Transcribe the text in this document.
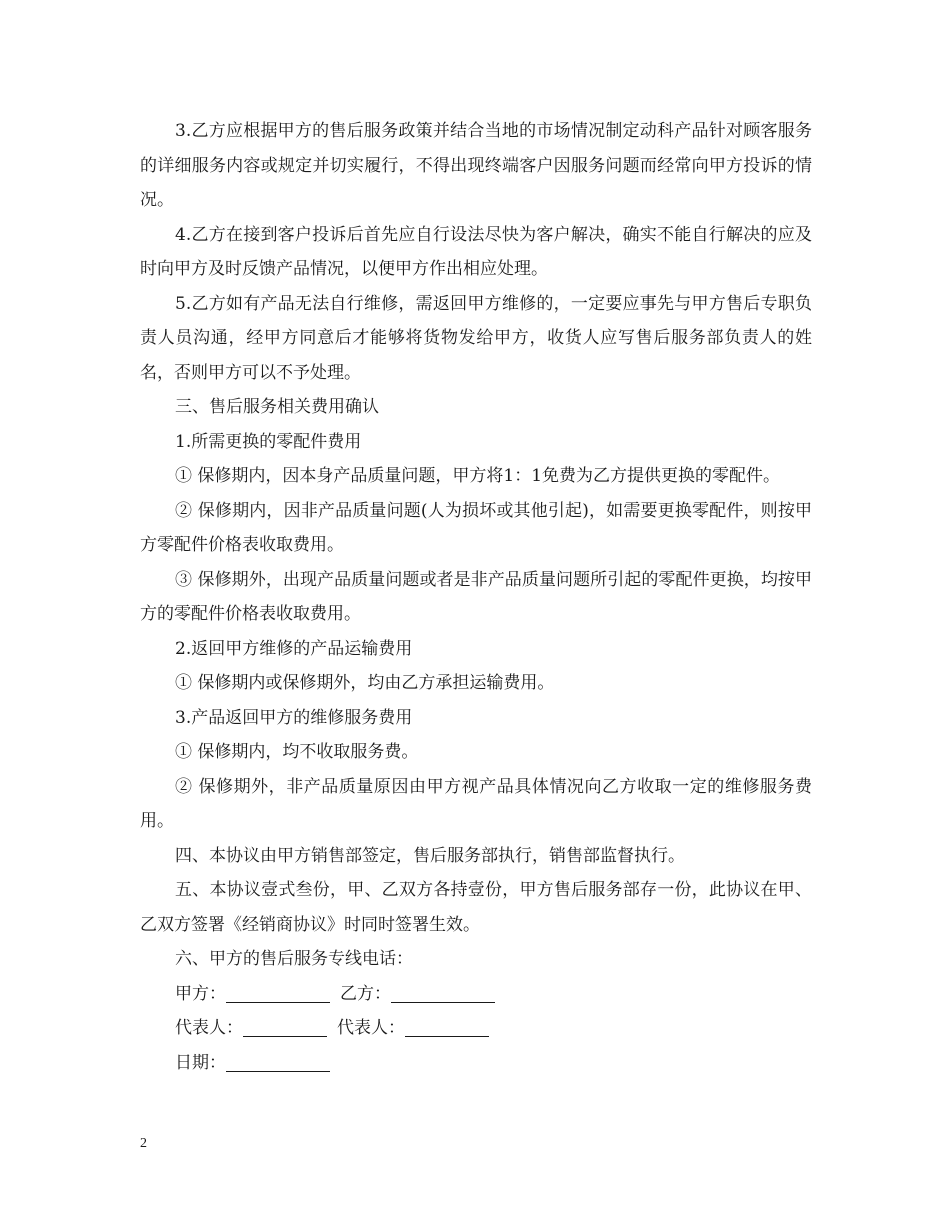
3.乙方应根据甲方的售后服务政策并结合当地的市场情况制定动科产品针对顾客服务的详细服务内容或规定并切实履行，不得出现终端客户因服务问题而经常向甲方投诉的情况。

4.乙方在接到客户投诉后首先应自行设法尽快为客户解决，确实不能自行解决的应及时向甲方及时反馈产品情况，以便甲方作出相应处理。

5.乙方如有产品无法自行维修，需返回甲方维修的，一定要应事先与甲方售后专职负责人员沟通，经甲方同意后才能够将货物发给甲方，收货人应写售后服务部负责人的姓名，否则甲方可以不予处理。

三、售后服务相关费用确认

1.所需更换的零配件费用

① 保修期内，因本身产品质量问题，甲方将1：1免费为乙方提供更换的零配件。

② 保修期内，因非产品质量问题(人为损坏或其他引起)，如需要更换零配件，则按甲方零配件价格表收取费用。

③ 保修期外，出现产品质量问题或者是非产品质量问题所引起的零配件更换，均按甲方的零配件价格表收取费用。

2.返回甲方维修的产品运输费用

① 保修期内或保修期外，均由乙方承担运输费用。

3.产品返回甲方的维修服务费用

① 保修期内，均不收取服务费。

② 保修期外，非产品质量原因由甲方视产品具体情况向乙方收取一定的维修服务费用。

四、本协议由甲方销售部签定，售后服务部执行，销售部监督执行。

五、本协议壹式叁份，甲、乙双方各持壹份，甲方售后服务部存一份，此协议在甲、乙双方签署《经销商协议》时同时签署生效。

六、甲方的售后服务专线电话：

甲方：	乙方：
代表人：	代表人：
日期：
2
